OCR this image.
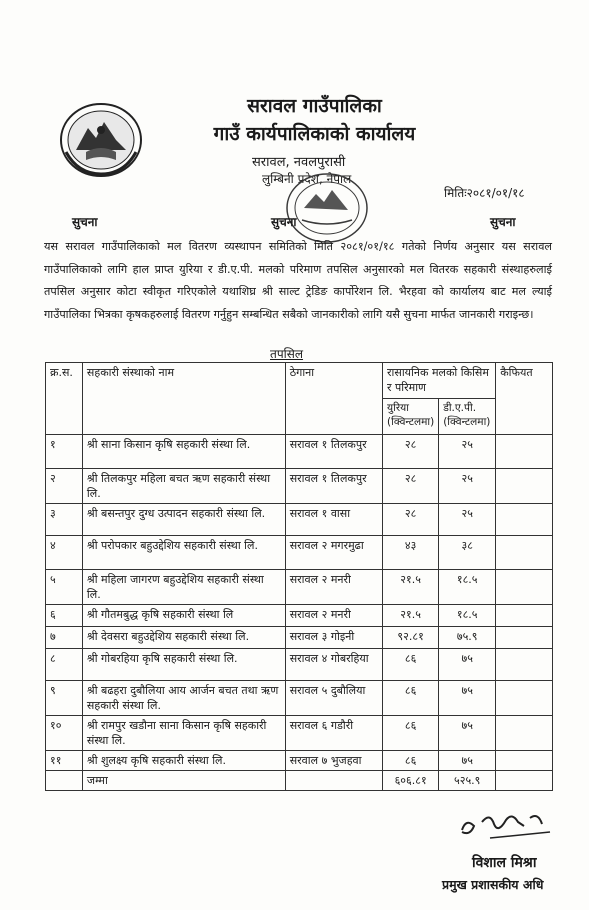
सरावल गाउँपालिका
गाउँ कार्यपालिकाको कार्यालय
सरावल, नवलपुरासी
लुम्बिनी प्रदेश, नेपाल
मितिः२०८१/०१/१८
सुचना	सुचना	सुचना

यस सरावल गाउँपालिकाको मल वितरण व्यस्थापन समितिको मिति २०८१/०१/१८ गतेको निर्णय अनुसार यस सरावल गाउँपालिकाको लागि हाल प्राप्त युरिया र डी.ए.पी. मलको परिमाण तपसिल अनुसारको मल वितरक सहकारी संस्थाहरुलाई तपसिल अनुसार कोटा स्वीकृत गरिएकोले यथाशिघ्र श्री साल्ट ट्रेडिङ कार्पोरेशन लि. भैरहवा को कार्यालय बाट मल ल्याई गाउँपालिका भित्रका कृषकहरुलाई वितरण गर्नुहुन सम्बन्धित सबैको जानकारीको लागि यसै सुचना मार्फत जानकारी गराइन्छ।

तपसिल
क्र.स.	सहकारी संस्थाको नाम	ठेगाना	रासायनिक मलको किसिम र परिमाण		कैफियत
			युरिया (क्विन्टलमा)	डी.ए.पी. (क्विन्टलमा)	
१	श्री साना किसान कृषि सहकारी संस्था लि.	सरावल १ तिलकपुर	२८	२५	
२	श्री तिलकपुर महिला बचत ऋण सहकारी संस्था लि.	सरावल १ तिलकपुर	२८	२५	
३	श्री बसन्तपुर दुग्ध उत्पादन सहकारी संस्था लि.	सरावल १ वासा	२८	२५	
४	श्री परोपकार बहुउद्देशिय सहकारी संस्था लि.	सरावल २ मगरमुढा	४३	३८	
५	श्री महिला जागरण बहुउद्देशिय सहकारी संस्था लि.	सरावल २ मनरी	२१.५	१८.५	
६	श्री गौतमबुद्ध कृषि सहकारी संस्था लि	सरावल २ मनरी	२१.५	१८.५	
७	श्री देवसरा बहुउद्देशिय सहकारी संस्था लि.	सरावल ३ गोइनी	९२.८१	७५.९	
८	श्री गोबरहिया कृषि सहकारी संस्था लि.	सरावल ४ गोबरहिया	८६	७५	
९	श्री बढहरा दुबौलिया आय आर्जन बचत तथा ऋण सहकारी संस्था लि.	सरावल ५ दुबौलिया	८६	७५	
१०	श्री रामपुर खडौना साना किसान कृषि सहकारी संस्था लि.	सरावल ६ गडौरी	८६	७५	
११	श्री शुलक्ष्य कृषि सहकारी संस्था लि.	सरवाल ७ भुजहवा	८६	७५	
	जम्मा		६०६.८१	५२५.९	
विशाल मिश्रा
प्रमुख प्रशासकीय अधि
